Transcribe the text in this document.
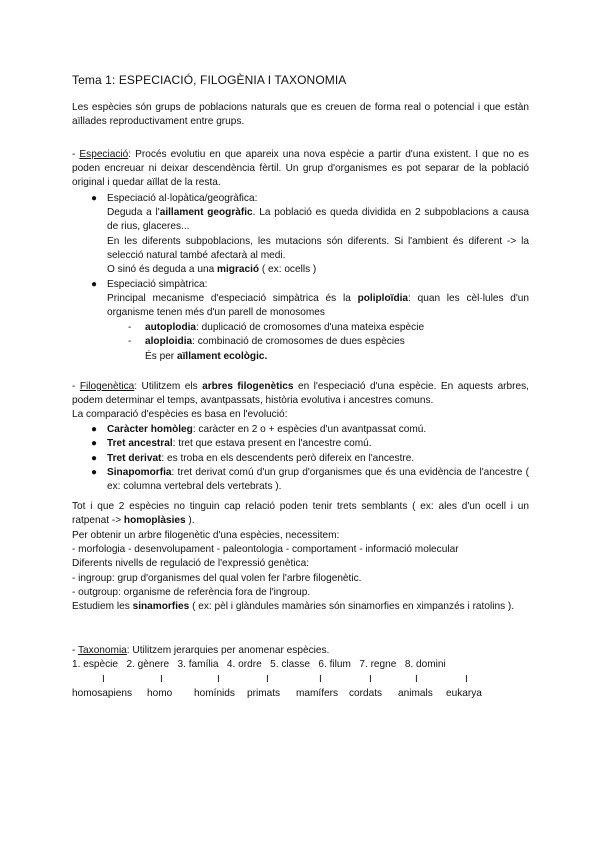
Tema 1: ESPECIACIÓ, FILOGÈNIA I TAXONOMIA

Les espècies són grups de poblacions naturals que es creuen de forma real o potencial i que estàn aïllades reproductivament entre grups.

- Especiació: Procés evolutiu en que apareix una nova espècie a partir d'una existent. I que no es poden encreuar ni deixar descendència fèrtil. Un grup d'organismes es pot separar de la població original i quedar aïllat de la resta.

● Especiació al·lopàtica/geogràfica:
Deguda a l'aillament geogràfic. La població es queda dividida en 2 subpoblacions a causa de rius, glaceres...
En les diferents subpoblacions, les mutacions són diferents. Si l'ambient és diferent -> la selecció natural també afectarà al medi.
O sinó és deguda a una migració ( ex: ocells )
● Especiació simpàtrica:
Principal mecanisme d'especiació simpàtrica és la poliploïdia: quan les cèl·lules d'un organisme tenen més d'un parell de monosomes
- autoplodia: duplicació de cromosomes d'una mateixa espècie
- aloploidia: combinació de cromosomes de dues espècies
És per aïllament ecològic.

- Filogenètica: Utilitzem els arbres filogenètics en l'especiació d'una espècie. En aquests arbres, podem determinar el temps, avantpassats, història evolutiva i ancestres comuns.

La comparació d'espècies es basa en l'evolució:
● Caràcter homòleg: caràcter en 2 o + espècies d'un avantpassat comú.
● Tret ancestral: tret que estava present en l'ancestre comú.
● Tret derivat: es troba en els descendents però difereix en l'ancestre.
● Sinapomorfia: tret derivat comú d'un grup d'organismes que és una evidència de l'ancestre ( ex: columna vertebral dels vertebrats ).

Tot i que 2 espècies no tinguin cap relació poden tenir trets semblants ( ex: ales d'un ocell i un ratpenat -> homoplàsies ).

Per obtenir un arbre filogenètic d'una espècies, necessitem:
- morfologia - desenvolupament - paleontologia - comportament - informació molecular
Diferents nivells de regulació de l'expressió genètica:
- ingroup: grup d'organismes del qual volen fer l'arbre filogenètic.
- outgroup: organisme de referència fora de l'ingroup.

Estudiem les sinamorfies ( ex: pèl i glàndules mamàries són sinamorfies en ximpanzés i ratolins ).

- Taxonomia: Utilitzem jerarquies per anomenar espècies.
1. espècie 2. gènere 3. família 4. ordre 5. classe 6. filum 7. regne 8. domini
I	I	I	I	I	I	I	I
homosapiens homo homínids primats mamífers cordats animals eukarya
